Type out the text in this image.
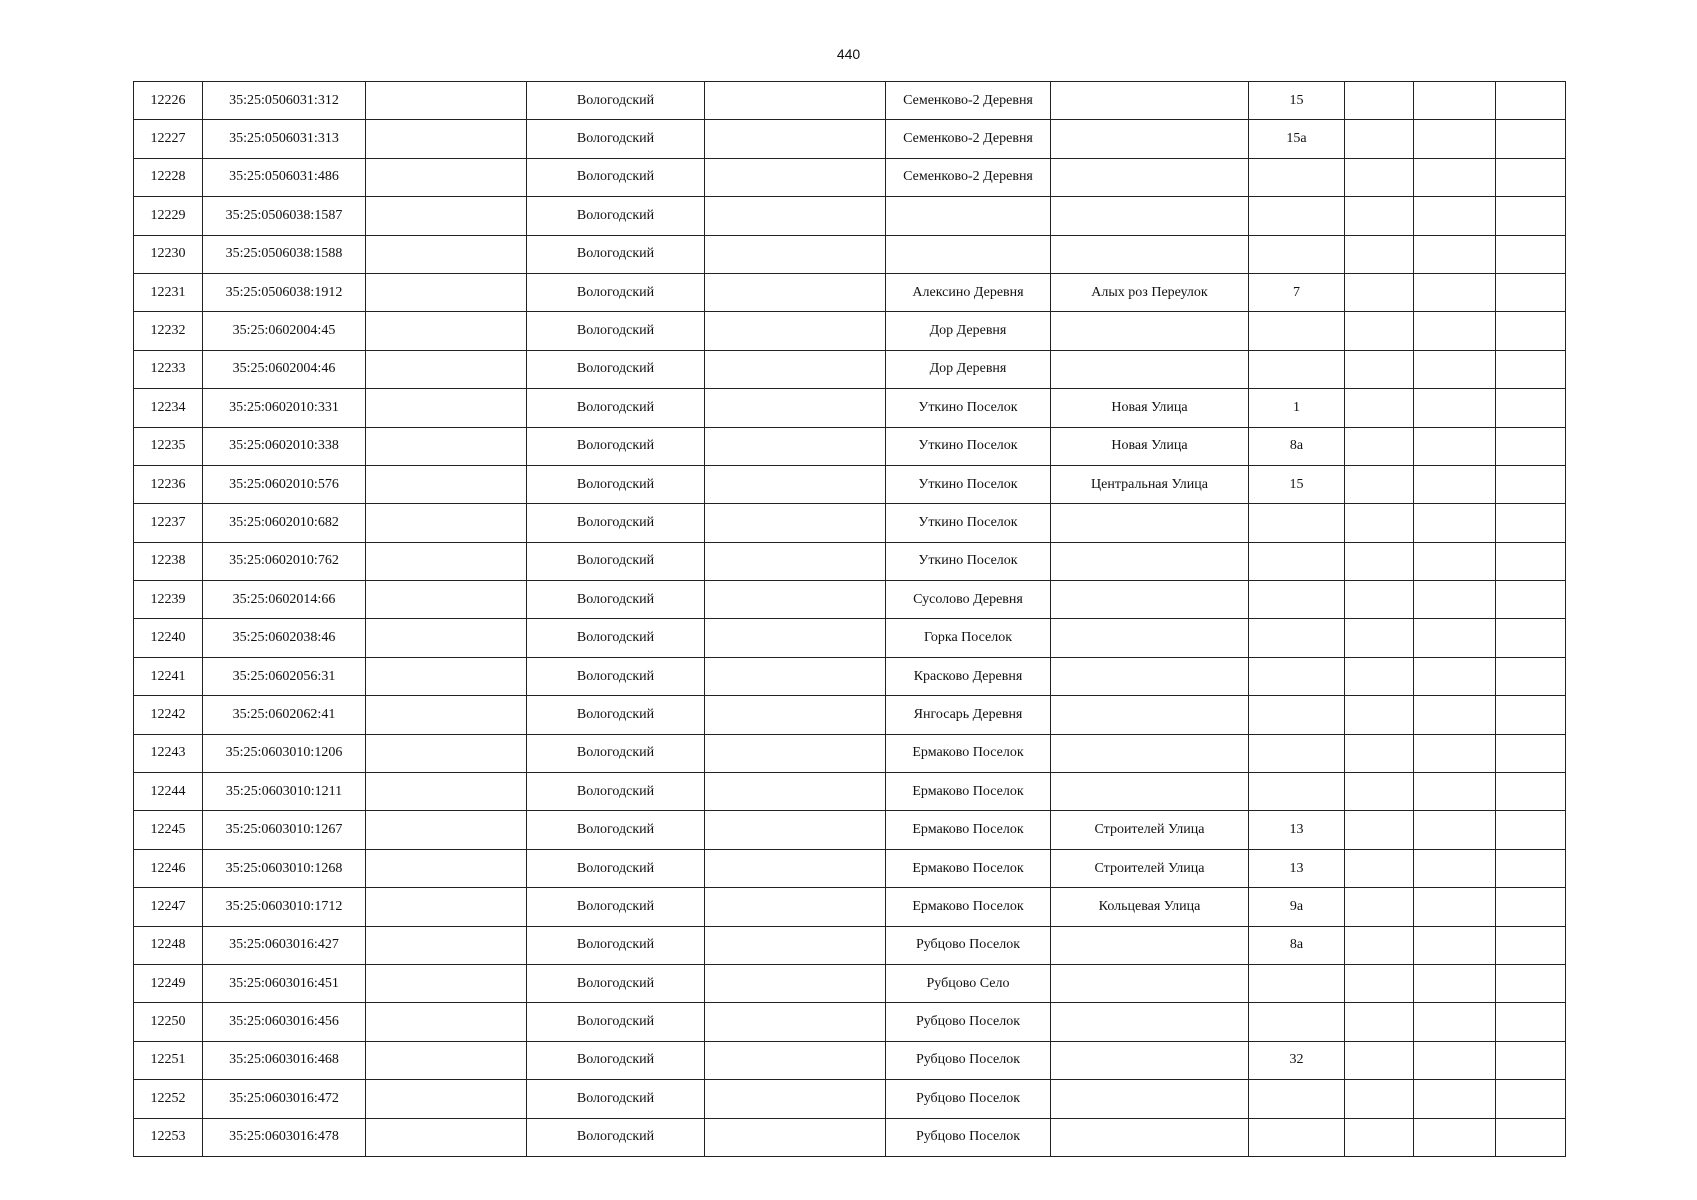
440
12226	35:25:0506031:312		Вологодский		Семенково-2 Деревня		15			
12227	35:25:0506031:313		Вологодский		Семенково-2 Деревня		15а			
12228	35:25:0506031:486		Вологодский		Семенково-2 Деревня					
12229	35:25:0506038:1587		Вологодский							
12230	35:25:0506038:1588		Вологодский							
12231	35:25:0506038:1912		Вологодский		Алексино Деревня	Алых роз Переулок	7			
12232	35:25:0602004:45		Вологодский		Дор Деревня					
12233	35:25:0602004:46		Вологодский		Дор Деревня					
12234	35:25:0602010:331		Вологодский		Уткино Поселок	Новая Улица	1			
12235	35:25:0602010:338		Вологодский		Уткино Поселок	Новая Улица	8а			
12236	35:25:0602010:576		Вологодский		Уткино Поселок	Центральная Улица	15			
12237	35:25:0602010:682		Вологодский		Уткино Поселок					
12238	35:25:0602010:762		Вологодский		Уткино Поселок					
12239	35:25:0602014:66		Вологодский		Сусолово Деревня					
12240	35:25:0602038:46		Вологодский		Горка Поселок					
12241	35:25:0602056:31		Вологодский		Красково Деревня					
12242	35:25:0602062:41		Вологодский		Янгосарь Деревня					
12243	35:25:0603010:1206		Вологодский		Ермаково Поселок					
12244	35:25:0603010:1211		Вологодский		Ермаково Поселок					
12245	35:25:0603010:1267		Вологодский		Ермаково Поселок	Строителей Улица	13			
12246	35:25:0603010:1268		Вологодский		Ермаково Поселок	Строителей Улица	13			
12247	35:25:0603010:1712		Вологодский		Ермаково Поселок	Кольцевая Улица	9а			
12248	35:25:0603016:427		Вологодский		Рубцово Поселок		8а			
12249	35:25:0603016:451		Вологодский		Рубцово Село					
12250	35:25:0603016:456		Вологодский		Рубцово Поселок					
12251	35:25:0603016:468		Вологодский		Рубцово Поселок		32			
12252	35:25:0603016:472		Вологодский		Рубцово Поселок					
12253	35:25:0603016:478		Вологодский		Рубцово Поселок					
